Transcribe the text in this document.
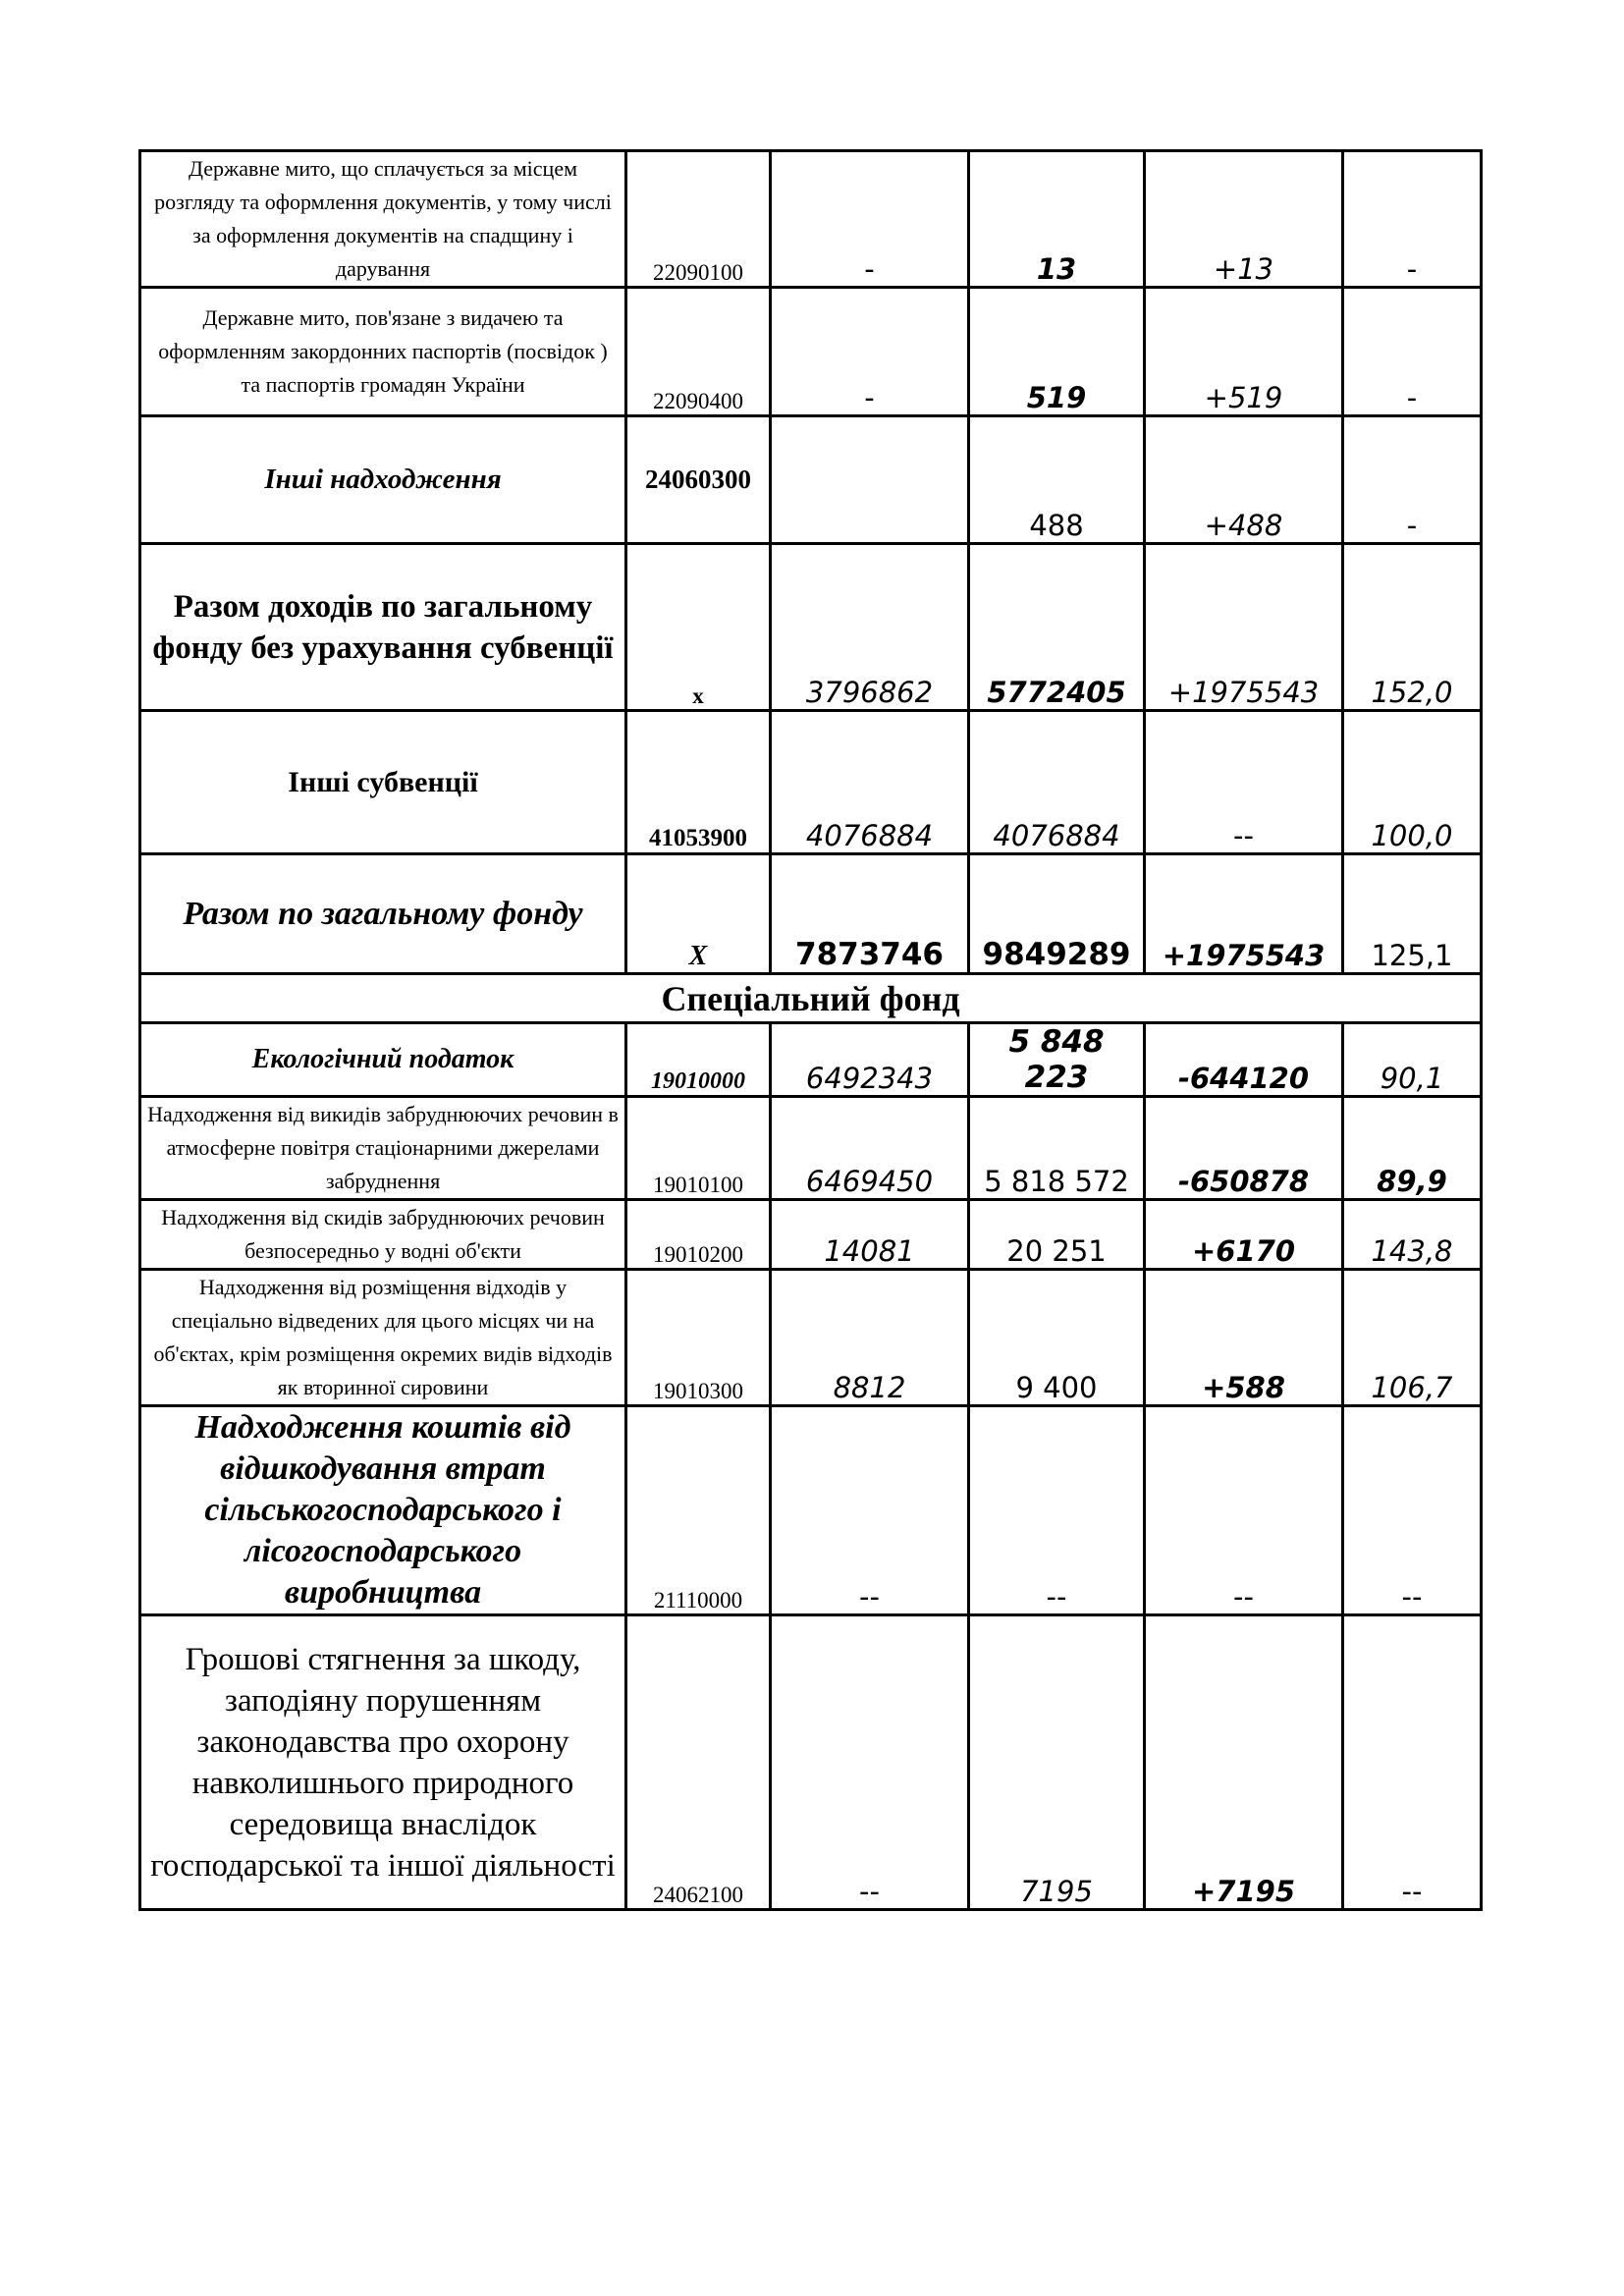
Державне мито, що сплачується за місцем розгляду та оформлення документів, у тому числі за оформлення документів на спадщину і дарування	22090100	-	13	+13	-
Державне мито, пов'язане з видачею та оформленням закордонних паспортів (посвідок ) та паспортів громадян України	22090400	-	519	+519	-
Інші надходження	24060300		488	+488	-
Разом доходів по загальному фонду без урахування субвенції	х	3796862	5772405	+1975543	152,0
Інші субвенції	41053900	4076884	4076884	--	100,0
Разом по загальному фонду	Х	7873746	9849289	+1975543	125,1
Спеціальний фонд					
Екологічний податок	19010000	6492343	5 848 223	-644120	90,1
Надходження від викидів забруднюючих речовин в атмосферне повітря стаціонарними джерелами забруднення	19010100	6469450	5 818 572	-650878	89,9
Надходження від скидів забруднюючих речовин безпосередньо у водні об'єкти	19010200	14081	20 251	+6170	143,8
Надходження від розміщення відходів у спеціально відведених для цього місцях чи на об'єктах, крім розміщення окремих видів відходів як вторинної сировини	19010300	8812	9 400	+588	106,7
Надходження коштів від відшкодування втрат сільськогосподарського і лісогосподарського виробництва	21110000	--	--	--	--
Грошові стягнення за шкоду, заподіяну порушенням законодавства про охорону навколишнього природного середовища внаслідок господарської та іншої діяльності	24062100	--	7195	+7195	--
